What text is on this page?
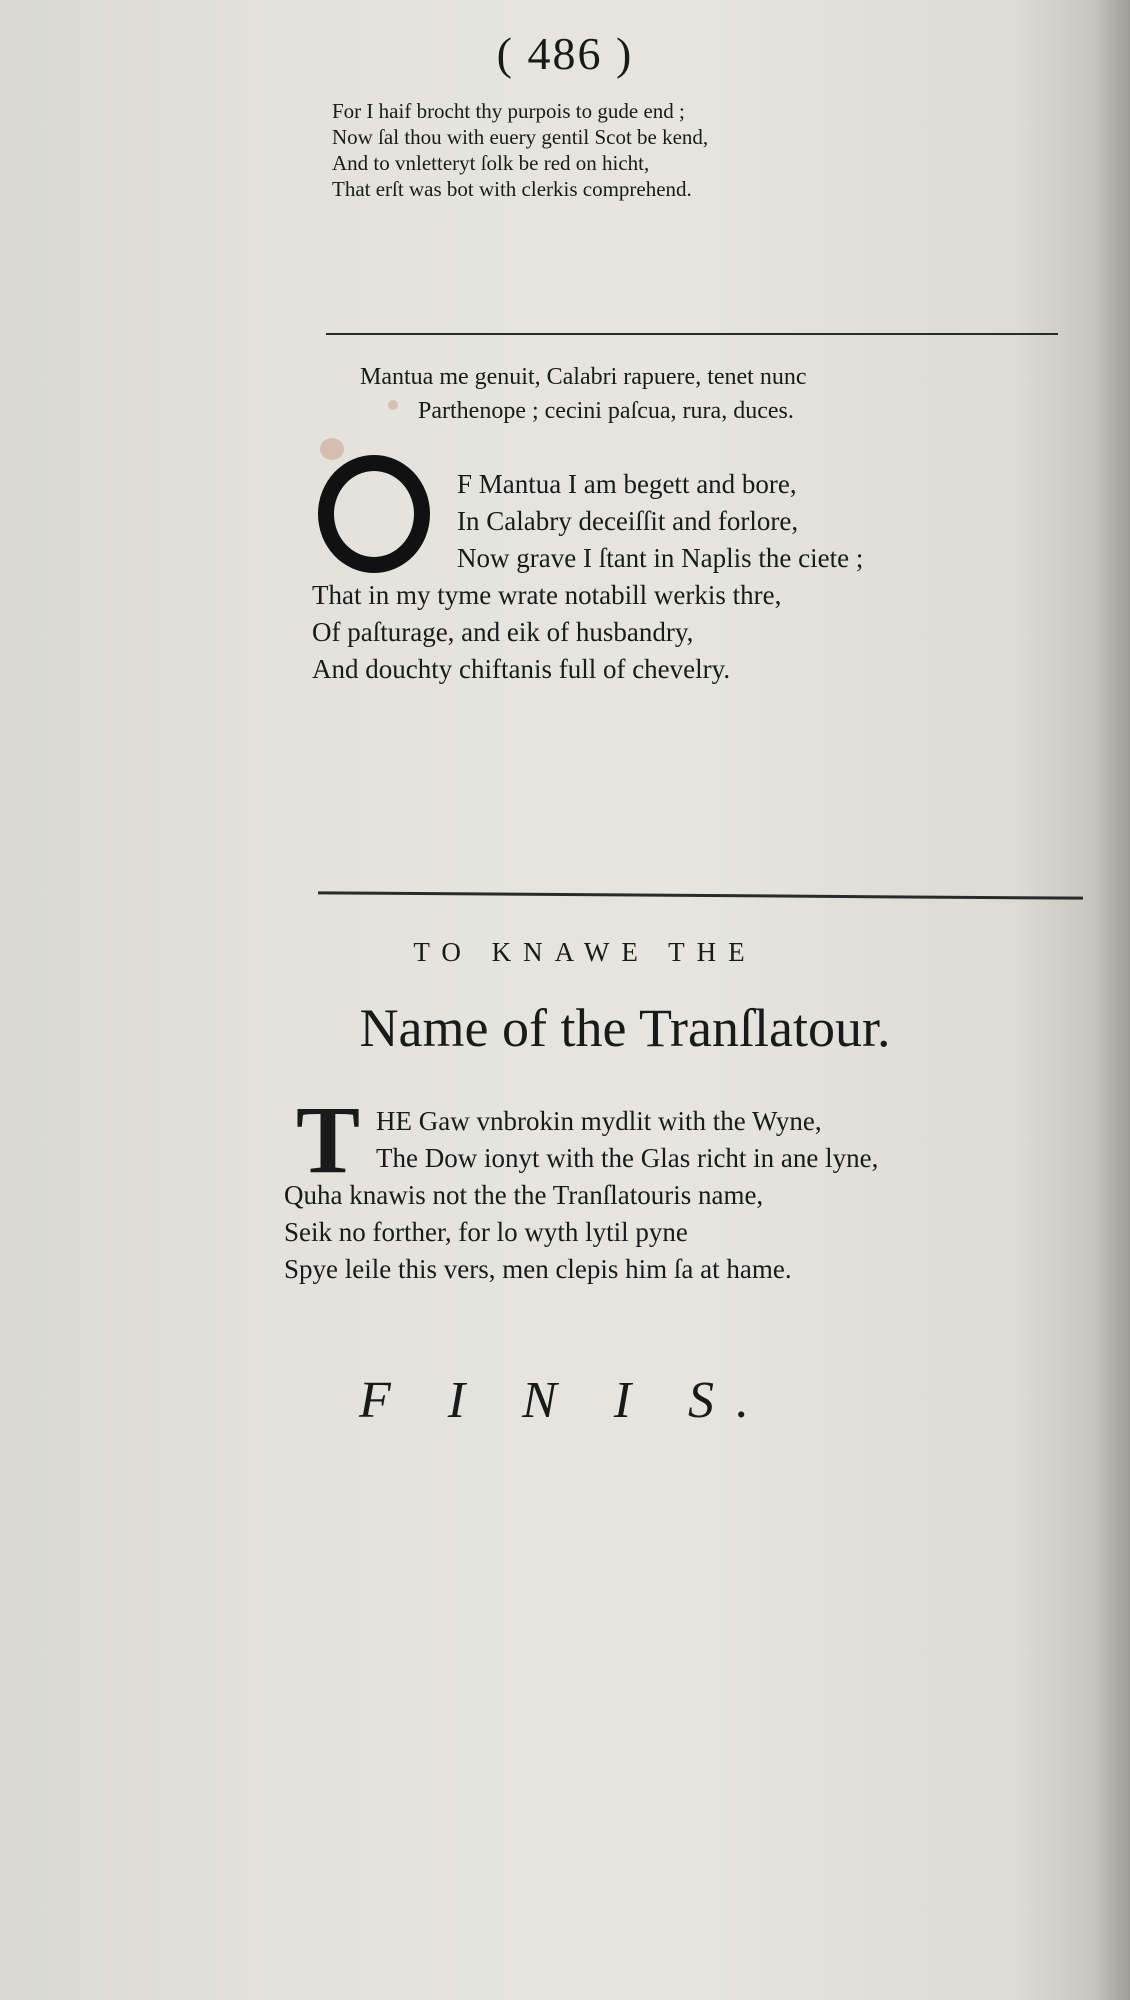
( 486 )
For I haif brocht thy purpois to gude end ;
Now ſal thou with euery gentil Scot be kend,
And to vnletteryt ſolk be red on hicht,
That erſt was bot with clerkis comprehend.
Mantua me genuit, Calabri rapuere, tenet nunc
Parthenope ; cecini paſcua, rura, duces.
F Mantua I am begett and bore,
In Calabry deceiſſit and forlore,
Now grave I ſtant in Naplis the ciete ;
That in my tyme wrate notabill werkis thre,
Of paſturage, and eik of husbandry,
And douchty chiftanis full of chevelry.
TO KNAWE THE
Name of the Tranſlatour.
T HE Gaw vnbrokin mydlit with the Wyne,
The Dow ionyt with the Glas richt in ane lyne,
Quha knawis not the the Tranſlatouris name,
Seik no forther, for lo wyth lytil pyne
Spye leile this vers, men clepis him ſa at hame.
F I N I S.
